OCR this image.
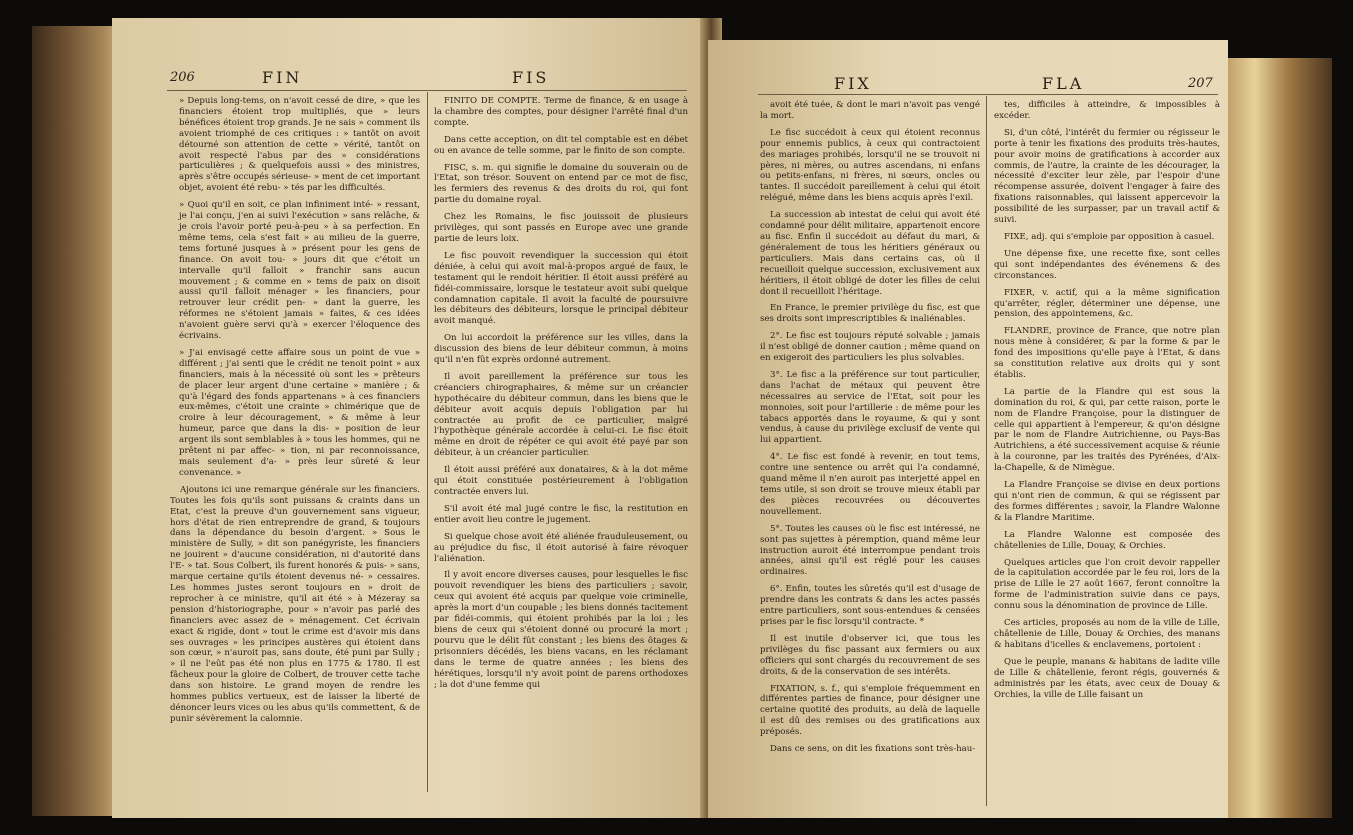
206	FIN	FIS

» Depuis long-tems, on n'avoit cessé de dire, » que les financiers étoient trop multipliés, que » leurs bénéfices étoient trop grands. Je ne sais » comment ils avoient triomphé de ces critiques : » tantôt on avoit détourné son attention de cette » vérité, tantôt on avoit respecté l'abus par des » considérations particulières ; & quelquefois aussi » des ministres, après s'être occupés sérieuse- » ment de cet important objet, avoient été rebu- » tés par les difficultés.

» Quoi qu'il en soit, ce plan infiniment inté- » ressant, je l'ai conçu, j'en ai suivi l'exécution » sans relâche, & je crois l'avoir porté peu-à-peu » à sa perfection. En même tems, cela s'est fait » au milieu de la guerre, tems fortuné jusques à » présent pour les gens de finance. On avoit tou- » jours dit que c'étoit un intervalle qu'il falloit » franchir sans aucun mouvement ; & comme en » tems de paix on disoit aussi qu'il falloit ménager » les financiers, pour retrouver leur crédit pen- » dant la guerre, les réformes ne s'étoient jamais » faites, & ces idées n'avoient guère servi qu'à » exercer l'éloquence des écrivains.

» J'ai envisagé cette affaire sous un point de vue » différent ; j'ai senti que le crédit ne tenoit point » aux financiers, mais à la nécessité où sont les » prêteurs de placer leur argent d'une certaine » manière ; & qu'à l'égard des fonds appartenans » à ces financiers eux-mêmes, c'étoit une crainte » chimérique que de croire à leur découragement, » & même à leur humeur, parce que dans la dis- » position de leur argent ils sont semblables à » tous les hommes, qui ne prêtent ni par affec- » tion, ni par reconnoissance, mais seulement d'a- » près leur sûreté & leur convenance. »

Ajoutons ici une remarque générale sur les financiers. Toutes les fois qu'ils sont puissans & craints dans un Etat, c'est la preuve d'un gouvernement sans vigueur, hors d'état de rien entreprendre de grand, & toujours dans la dépendance du besoin d'argent. » Sous le ministère de Sully, » dit son panégyriste, les financiers ne jouirent » d'aucune considération, ni d'autorité dans l'E- » tat. Sous Colbert, ils furent honorés & puis- » sans, marque certaine qu'ils étoient devenus né- » cessaires. Les hommes justes seront toujours en » droit de reprocher à ce ministre, qu'il ait été » à Mézeray sa pension d'historiographe, pour » n'avoir pas parlé des financiers avec assez de » ménagement. Cet écrivain exact & rigide, dont » tout le crime est d'avoir mis dans ses ouvrages » les principes austères qui étoient dans son cœur, » n'auroit pas, sans doute, été puni par Sully ; » il ne l'eût pas été non plus en 1775 & 1780. Il est fâcheux pour la gloire de Colbert, de trouver cette tache dans son histoire. Le grand moyen de rendre les hommes publics vertueux, est de laisser la liberté de dénoncer leurs vices ou les abus qu'ils commettent, & de punir sévèrement la calomnie.

FINITO DE COMPTE. Terme de finance, & en usage à la chambre des comptes, pour désigner l'arrêté final d'un compte.

Dans cette acception, on dit tel comptable est en débet ou en avance de telle somme, par le finito de son compte.

FISC, s. m. qui signifie le domaine du souverain ou de l'Etat, son trésor. Souvent on entend par ce mot de fisc, les fermiers des revenus & des droits du roi, qui font partie du domaine royal.

Chez les Romains, le fisc jouissoit de plusieurs privilèges, qui sont passés en Europe avec une grande partie de leurs loix.

Le fisc pouvoit revendiquer la succession qui étoit déniée, à celui qui avoit mal-à-propos argué de faux, le testament qui le rendoit héritier. Il étoit aussi préféré au fidéi-commissaire, lorsque le testateur avoit subi quelque condamnation capitale. Il avoit la faculté de poursuivre les débiteurs des débiteurs, lorsque le principal débiteur avoit manqué.

On lui accordoit la préférence sur les villes, dans la discussion des biens de leur débiteur commun, à moins qu'il n'en fût exprès ordonné autrement.

Il avoit pareillement la préférence sur tous les créanciers chirographaires, & même sur un créancier hypothécaire du débiteur commun, dans les biens que le débiteur avoit acquis depuis l'obligation par lui contractée au profit de ce particulier, malgré l'hypothèque générale accordée à celui-ci. Le fisc étoit même en droit de répéter ce qui avoit été payé par son débiteur, à un créancier particulier.

Il étoit aussi préféré aux donataires, & à la dot même qui étoit constituée postérieurement à l'obligation contractée envers lui.

S'il avoit été mal jugé contre le fisc, la restitution en entier avoit lieu contre le jugement.

Si quelque chose avoit été aliénée frauduleusement, ou au préjudice du fisc, il étoit autorisé à faire révoquer l'aliénation.

Il y avoit encore diverses causes, pour lesquelles le fisc pouvoit revendiquer les biens des particuliers ; savoir, ceux qui avoient été acquis par quelque voie criminelle, après la mort d'un coupable ; les biens donnés tacitement par fidéi-commis, qui étoient prohibés par la loi ; les biens de ceux qui s'étoient donné ou procuré la mort ; pourvu que le délit fût constant ; les biens des ôtages & prisonniers décédés, les biens vacans, en les réclamant dans le terme de quatre années ; les biens des hérétiques, lorsqu'il n'y avoit point de parens orthodoxes ; la dot d'une femme qui

FIX	FLA	207

avoit été tuée, & dont le mari n'avoit pas vengé la mort.

Le fisc succédoit à ceux qui étoient reconnus pour ennemis publics, à ceux qui contractoient des mariages prohibés, lorsqu'il ne se trouvoit ni pères, ni mères, ou autres ascendans, ni enfans ou petits-enfans, ni frères, ni sœurs, oncles ou tantes. Il succédoit pareillement à celui qui étoit relégué, même dans les biens acquis après l'exil.

La succession ab intestat de celui qui avoit été condamné pour délit militaire, appartenoit encore au fisc. Enfin il succédoit au défaut du mari, & généralement de tous les héritiers généraux ou particuliers. Mais dans certains cas, où il recueilloit quelque succession, exclusivement aux héritiers, il étoit obligé de doter les filles de celui dont il recueilloit l'héritage.

En France, le premier privilège du fisc, est que ses droits sont imprescriptibles & inaliénables.

2°. Le fisc est toujours réputé solvable ; jamais il n'est obligé de donner caution ; même quand on en exigeroit des particuliers les plus solvables.

3°. Le fisc a la préférence sur tout particulier, dans l'achat de métaux qui peuvent être nécessaires au service de l'Etat, soit pour les monnoies, soit pour l'artillerie : de même pour les tabacs apportés dans le royaume, & qui y sont vendus, à cause du privilège exclusif de vente qui lui appartient.

4°. Le fisc est fondé à revenir, en tout tems, contre une sentence ou arrêt qui l'a condamné, quand même il n'en auroit pas interjetté appel en tems utile, si son droit se trouve mieux établi par des pièces recouvrées ou découvertes nouvellement.

5°. Toutes les causes où le fisc est intéressé, ne sont pas sujettes à péremption, quand même leur instruction auroit été interrompue pendant trois années, ainsi qu'il est réglé pour les causes ordinaires.

6°. Enfin, toutes les sûretés qu'il est d'usage de prendre dans les contrats & dans les actes passés entre particuliers, sont sous-entendues & censées prises par le fisc lorsqu'il contracte. *

Il est inutile d'observer ici, que tous les privilèges du fisc passant aux fermiers ou aux officiers qui sont chargés du recouvrement de ses droits, & de la conservation de ses intérêts.

FIXATION, s. f., qui s'emploie fréquemment en différentes parties de finance, pour désigner une certaine quotité des produits, au delà de laquelle il est dû des remises ou des gratifications aux préposés.

Dans ce sens, on dit les fixations sont très-hau-

tes, difficiles à atteindre, & impossibles à excéder.

Si, d'un côté, l'intérêt du fermier ou régisseur le porte à tenir les fixations des produits très-hautes, pour avoir moins de gratifications à accorder aux commis, de l'autre, la crainte de les décourager, la nécessité d'exciter leur zèle, par l'espoir d'une récompense assurée, doivent l'engager à faire des fixations raisonnables, qui laissent appercevoir la possibilité de les surpasser, par un travail actif & suivi.

FIXE, adj. qui s'emploie par opposition à casuel.

Une dépense fixe, une recette fixe, sont celles qui sont indépendantes des événemens & des circonstances.

FIXER, v. actif, qui a la même signification qu'arrêter, régler, déterminer une dépense, une pension, des appointemens, &c.

FLANDRE, province de France, que notre plan nous mène à considérer, & par la forme & par le fond des impositions qu'elle paye à l'Etat, & dans sa constitution relative aux droits qui y sont établis.

La partie de la Flandre qui est sous la domination du roi, & qui, par cette raison, porte le nom de Flandre Françoise, pour la distinguer de celle qui appartient à l'empereur, & qu'on désigne par le nom de Flandre Autrichienne, ou Pays-Bas Autrichiens, a été successivement acquise & réunie à la couronne, par les traités des Pyrénées, d'Aix-la-Chapelle, & de Nimègue.

La Flandre Françoise se divise en deux portions qui n'ont rien de commun, & qui se régissent par des formes différentes ; savoir, la Flandre Walonne & la Flandre Maritime.

La Flandre Walonne est composée des châtellenies de Lille, Douay, & Orchies.

Quelques articles que l'on croit devoir rappeller de la capitulation accordée par le feu roi, lors de la prise de Lille le 27 août 1667, feront connoître la forme de l'administration suivie dans ce pays, connu sous la dénomination de province de Lille.

Ces articles, proposés au nom de la ville de Lille, châtellenie de Lille, Douay & Orchies, des manans & habitans d'icelles & enclavemens, portoient :

Que le peuple, manans & habitans de ladite ville de Lille & châtellenie, feront régis, gouvernés & administrés par les états, avec ceux de Douay & Orchies, la ville de Lille faisant un
